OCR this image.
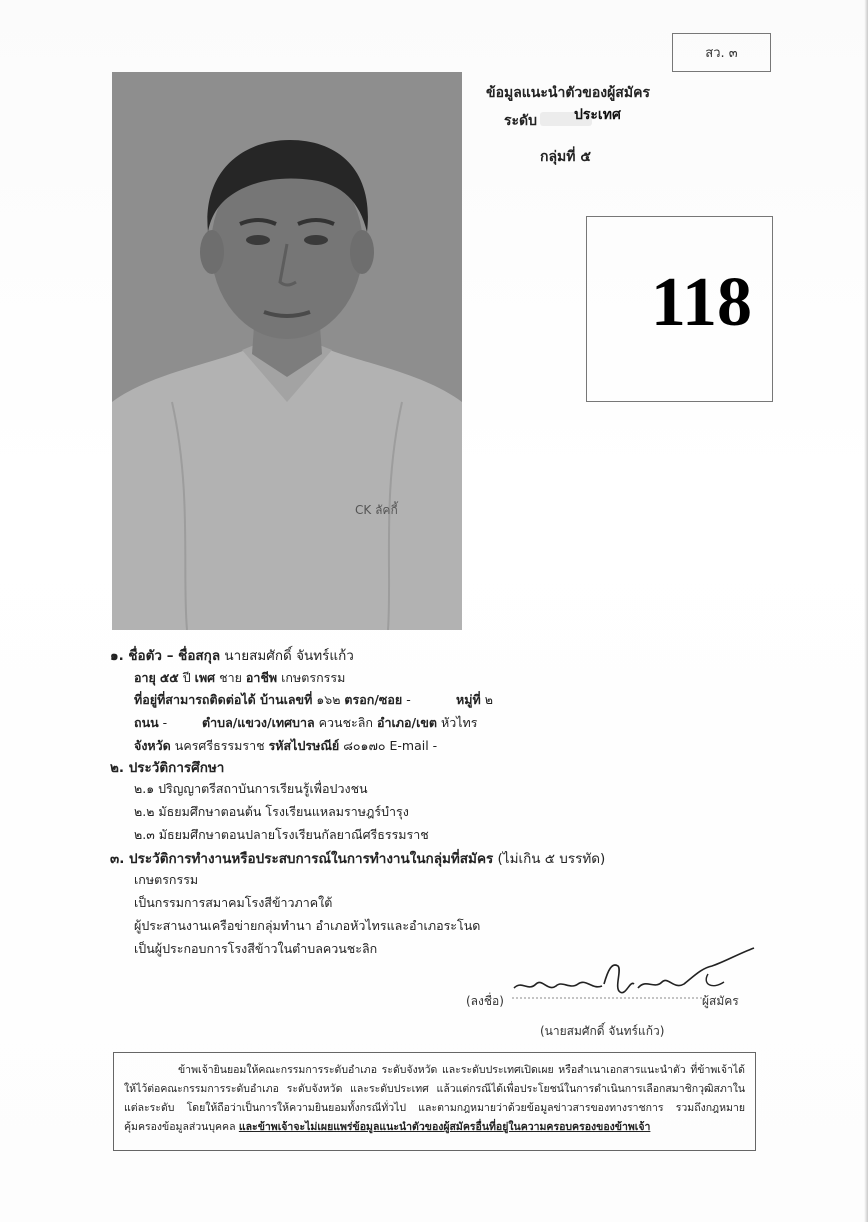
สว. ๓
CK ลัคกี้
ข้อมูลแนะนำตัวของผู้สมัคร
ระดับ	ประเทศ
กลุ่มที่ ๕
118
๑. ชื่อตัว – ชื่อสกุล นายสมศักดิ์ จันทร์แก้ว
อายุ ๕๕ ปี เพศ ชาย อาชีพ เกษตรกรรม
ที่อยู่ที่สามารถติดต่อได้ บ้านเลขที่ ๑๖๒ ตรอก/ซอย -	หมู่ที่ ๒
ถนน -	ตำบล/แขวง/เทศบาล ควนชะลิก อำเภอ/เขต หัวไทร
จังหวัด นครศรีธรรมราช รหัสไปรษณีย์ ๘๐๑๗๐ E-mail -
๒. ประวัติการศึกษา
๒.๑ ปริญญาตรีสถาบันการเรียนรู้เพื่อปวงชน
๒.๒ มัธยมศึกษาตอนต้น โรงเรียนแหลมราษฎร์บำรุง
๒.๓ มัธยมศึกษาตอนปลายโรงเรียนกัลยาณีศรีธรรมราช
๓. ประวัติการทำงานหรือประสบการณ์ในการทำงานในกลุ่มที่สมัคร (ไม่เกิน ๕ บรรทัด)
เกษตรกรรม
เป็นกรรมการสมาคมโรงสีข้าวภาคใต้
ผู้ประสานงานเครือข่ายกลุ่มทำนา อำเภอหัวไทรและอำเภอระโนด
เป็นผู้ประกอบการโรงสีข้าวในตำบลควนชะลิก
(ลงชื่อ)	ผู้สมัคร
(นายสมศักดิ์ จันทร์แก้ว)

ข้าพเจ้ายินยอมให้คณะกรรมการระดับอำเภอ ระดับจังหวัด และระดับประเทศเปิดเผย หรือสำเนาเอกสารแนะนำตัว ที่ข้าพเจ้าได้ให้ไว้ต่อคณะกรรมการระดับอำเภอ ระดับจังหวัด และระดับประเทศ แล้วแต่กรณีได้เพื่อประโยชน์ในการดำเนินการเลือกสมาชิกวุฒิสภาในแต่ละระดับ โดยให้ถือว่าเป็นการให้ความยินยอมทั้งกรณีทั่วไป และตามกฎหมายว่าด้วยข้อมูลข่าวสารของทางราชการ รวมถึงกฎหมายคุ้มครองข้อมูลส่วนบุคคล และข้าพเจ้าจะไม่เผยแพร่ข้อมูลแนะนำตัวของผู้สมัครอื่นที่อยู่ในความครอบครองของข้าพเจ้า
